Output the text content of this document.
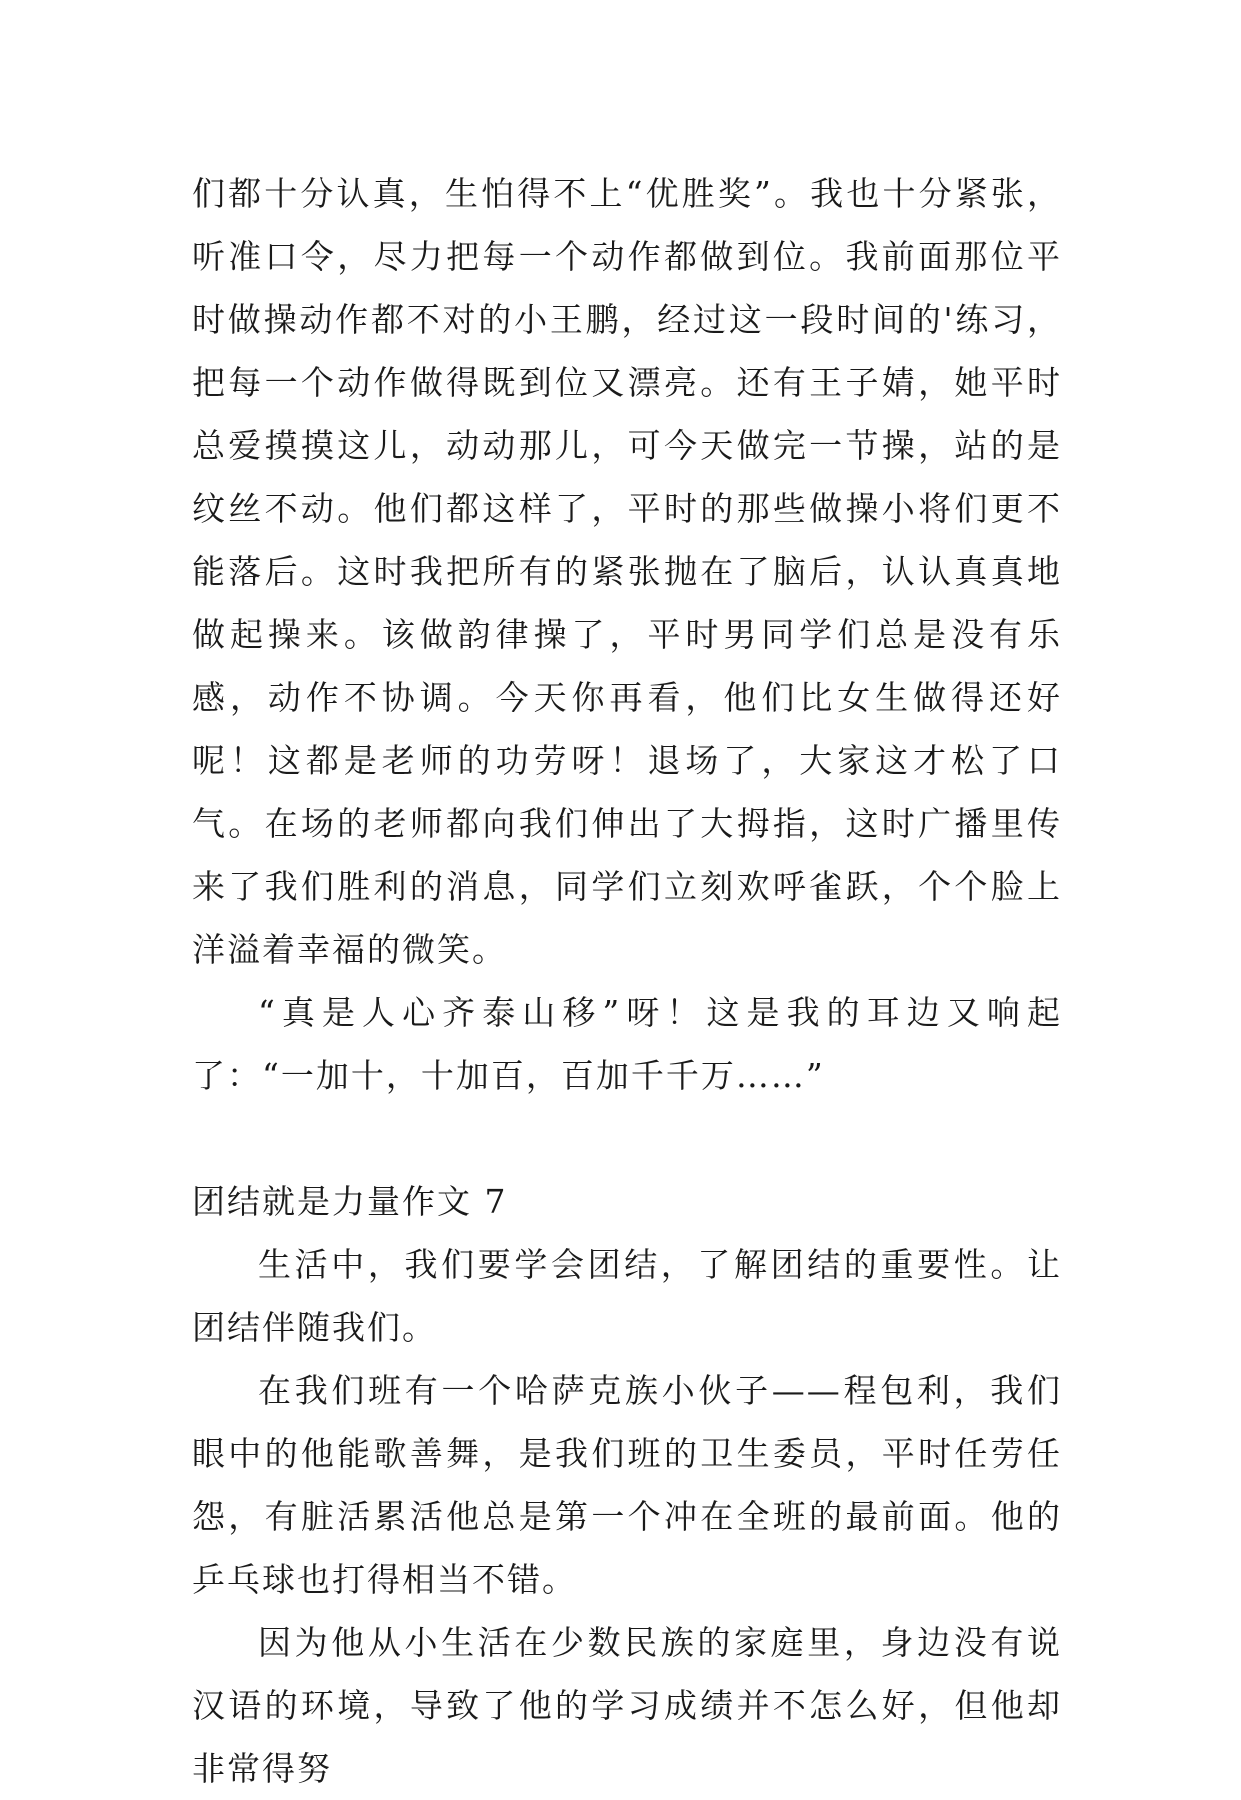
们都十分认真，生怕得不上“优胜奖”。我也十分紧张，听准口令，尽力把每一个动作都做到位。我前面那位平时做操动作都不对的小王鹏，经过这一段时间的'练习，把每一个动作做得既到位又漂亮。还有王子婧，她平时总爱摸摸这儿，动动那儿，可今天做完一节操，站的是纹丝不动。他们都这样了，平时的那些做操小将们更不能落后。这时我把所有的紧张抛在了脑后，认认真真地做起操来。该做韵律操了，平时男同学们总是没有乐感，动作不协调。今天你再看，他们比女生做得还好呢！这都是老师的功劳呀！退场了，大家这才松了口气。在场的老师都向我们伸出了大拇指，这时广播里传来了我们胜利的消息，同学们立刻欢呼雀跃，个个脸上洋溢着幸福的微笑。

“真是人心齐泰山移”呀！这是我的耳边又响起了：“一加十，十加百，百加千千万……”

团结就是力量作文 7

生活中，我们要学会团结，了解团结的重要性。让团结伴随我们。

在我们班有一个哈萨克族小伙子——程包利，我们眼中的他能歌善舞，是我们班的卫生委员，平时任劳任怨，有脏活累活他总是第一个冲在全班的最前面。他的乒乓球也打得相当不错。

因为他从小生活在少数民族的家庭里，身边没有说汉语的环境，导致了他的学习成绩并不怎么好，但他却非常得努
